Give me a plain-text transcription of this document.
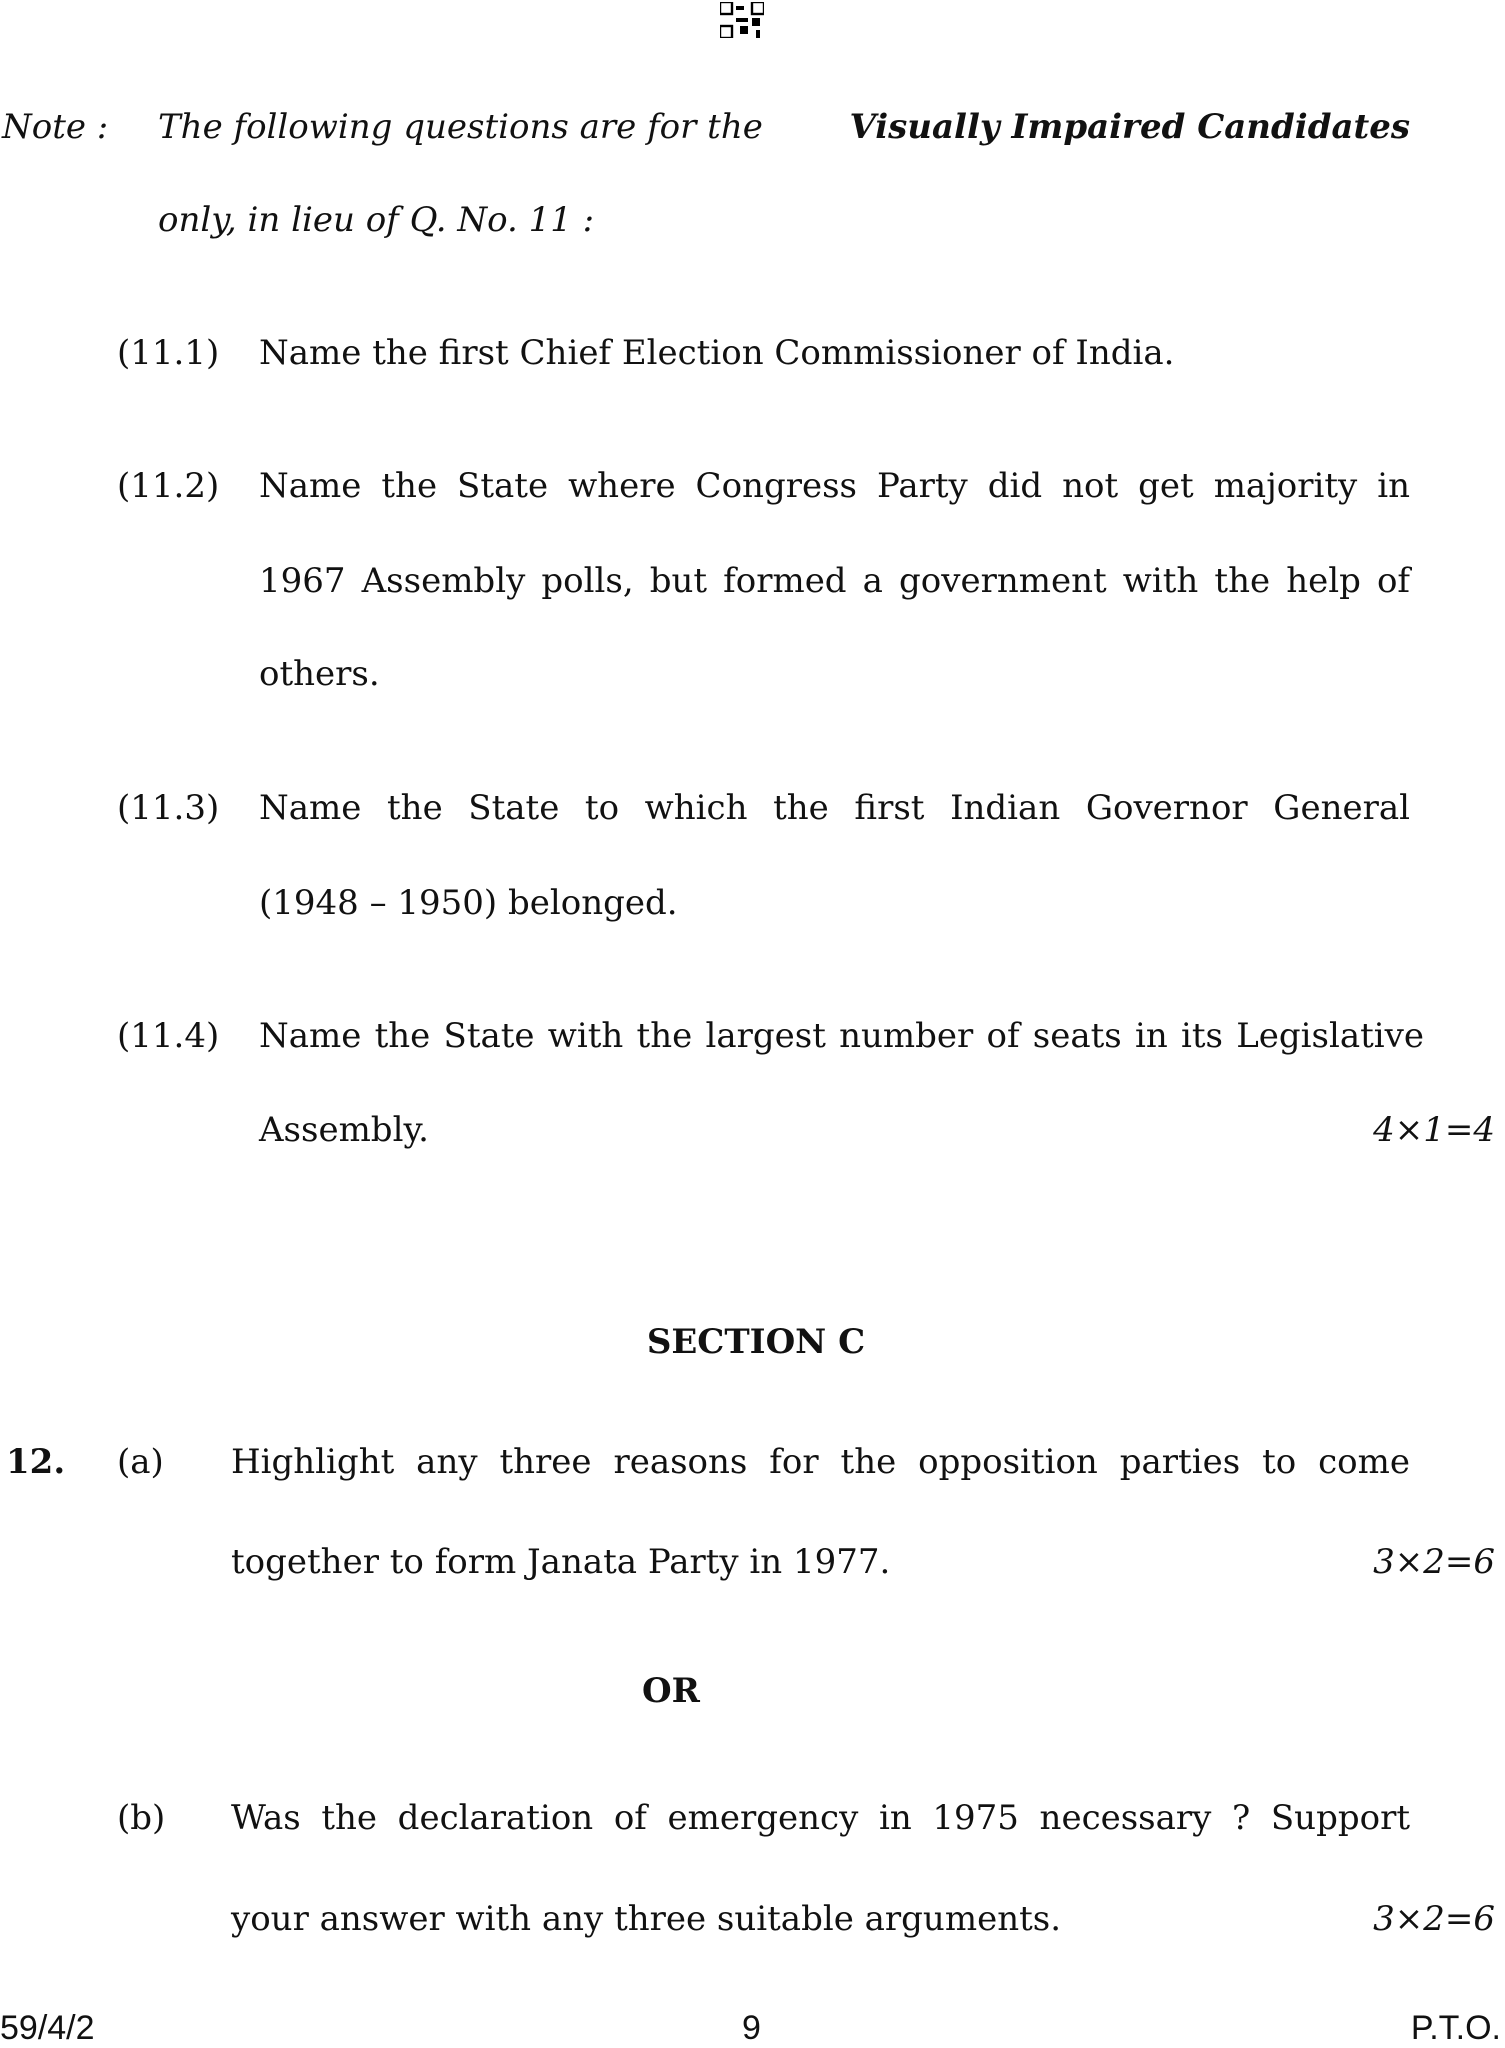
Note : The following questions are for the	Visually Impaired Candidates
only, in lieu of Q. No. 11 :
(11.1) Name the first Chief Election Commissioner of India.
(11.2) Name the State where Congress Party did not get majority in
1967 Assembly polls, but formed a government with the help of
others.
(11.3) Name the State to which the first Indian Governor General
(1948 – 1950) belonged.
(11.4) Name the State with the largest number of seats in its Legislative
Assembly.	4×1=4
SECTION C
12. (a) Highlight any three reasons for the opposition parties to come
together to form Janata Party in 1977.	3×2=6
OR
(b) Was the declaration of emergency in 1975 necessary ? Support
your answer with any three suitable arguments.	3×2=6
59/4/2	9	P.T.O.
